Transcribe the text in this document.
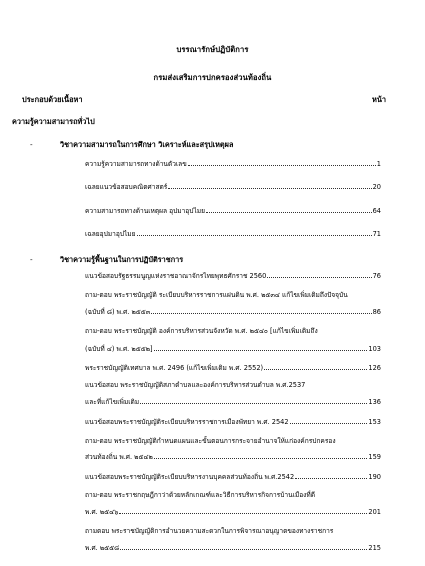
บรรณารักษ์ปฏิบัติการ
กรมส่งเสริมการปกครองส่วนท้องถิ่น
ประกอบด้วยเนื้อหา	หน้า
ความรู้ความสามารถทั่วไป
-	วิชาความสามารถในการศึกษา วิเคราะห์และสรุปเหตุผล
ความรู้ความสามารถทางด้านตัวเลข	1
เฉลยแนวข้อสอบคณิตศาสตร์	20
ความสามารถทางด้านเหตุผล อุปมาอุปไมย	64
เฉลยอุปมาอุปไมย	71
-	วิชาความรู้พื้นฐานในการปฏิบัติราชการ
แนวข้อสอบรัฐธรรมนูญแห่งราชอาณาจักรไทยพุทธศักราช 2560	76
ถาม-ตอบ พระราชบัญญัติ ระเบียบบริหารราชการแผ่นดิน พ.ศ. ๒๕๓๔ แก้ไขเพิ่มเติมถึงปัจจุบัน
(ฉบับที่ ๘) พ.ศ. ๒๕๕๓	86
ถาม-ตอบ พระราชบัญญัติ องค์การบริหารส่วนจังหวัด พ.ศ. ๒๕๔๐ [แก้ไขเพิ่มเติมถึง
(ฉบับที่ ๔) พ.ศ. ๒๕๕๒]	103
พระราชบัญญัติเทศบาล พ.ศ. 2496 (แก้ไขเพิ่มเติม พ.ศ. 2552)	126
แนวข้อสอบ พระราชบัญญัติสภาตำบลและองค์การบริหารส่วนตำบล พ.ศ.2537
และที่แก้ไขเพิ่มเติม	136
แนวข้อสอบพระราชบัญญัติระเบียบบริหารราชการเมืองพัทยา พ.ศ. 2542	153
ถาม-ตอบ พระราชบัญญัติกำหนดแผนและขั้นตอนการกระจายอำนาจให้แก่องค์กรปกครอง
ส่วนท้องถิ่น พ.ศ. ๒๕๔๒	159
แนวข้อสอบพระราชบัญญัติระเบียบบริหารงานบุคคลส่วนท้องถิ่น พ.ศ.2542	190
ถาม-ตอบ พระราชกฤษฎีกาว่าด้วยหลักเกณฑ์และวิธีการบริหารกิจการบ้านเมืองที่ดี
พ.ศ. ๒๕๔๖	201
ถามตอบ พระราชบัญญัติการอำนวยความสะดวกในการพิจารณาอนุญาตของทางราชการ
พ.ศ. ๒๕๕๘	215
